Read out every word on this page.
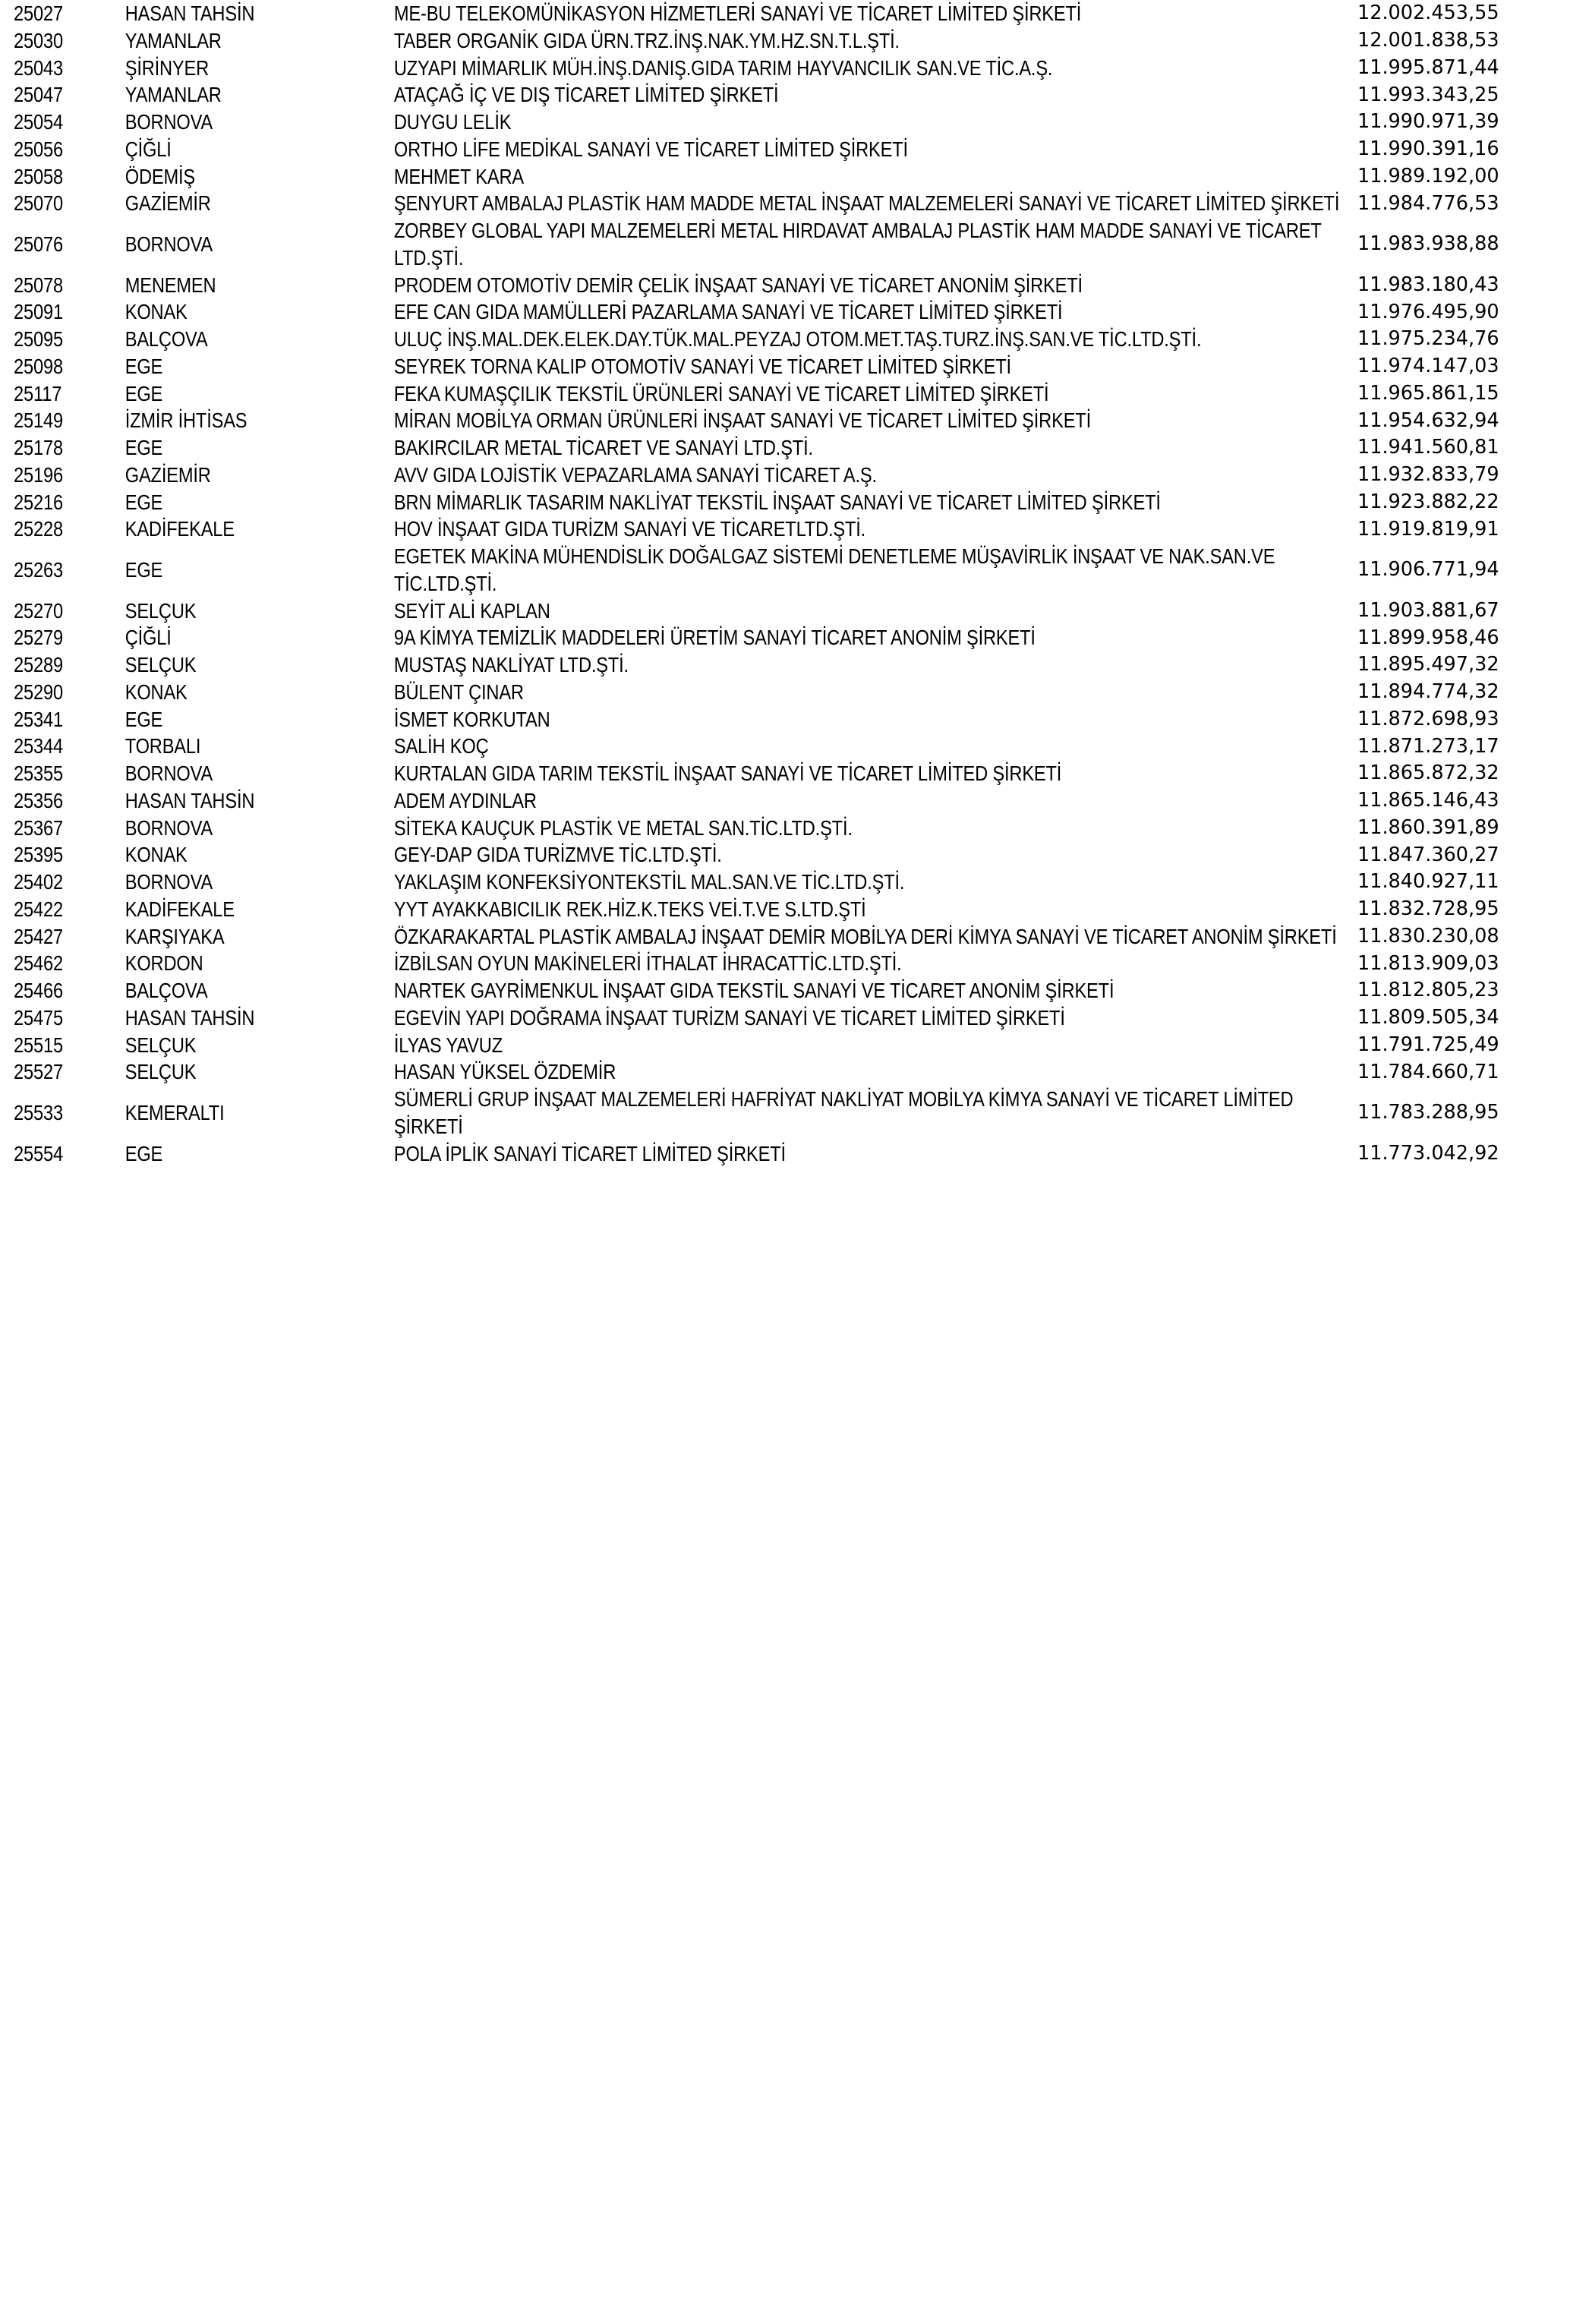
25027	HASAN TAHSİN	ME-BU TELEKOMÜNİKASYON HİZMETLERİ SANAYİ VE TİCARET LİMİTED ŞİRKETİ	12.002.453,55

25030	YAMANLAR	TABER ORGANİK GIDA ÜRN.TRZ.İNŞ.NAK.YM.HZ.SN.T.L.ŞTİ.	12.001.838,53

25043	ŞİRİNYER	UZYAPI MİMARLIK MÜH.İNŞ.DANIŞ.GIDA TARIM HAYVANCILIK SAN.VE TİC.A.Ş.	11.995.871,44

25047	YAMANLAR	ATAÇAĞ İÇ VE DIŞ TİCARET LİMİTED ŞİRKETİ	11.993.343,25

25054	BORNOVA	DUYGU LELİK	11.990.971,39

25056	ÇİĞLİ	ORTHO LİFE MEDİKAL SANAYİ VE TİCARET LİMİTED ŞİRKETİ	11.990.391,16

25058	ÖDEMİŞ	MEHMET KARA	11.989.192,00

25070	GAZİEMİR	ŞENYURT AMBALAJ PLASTİK HAM MADDE METAL İNŞAAT MALZEMELERİ SANAYİ VE TİCARET LİMİTED ŞİRKETİ	11.984.776,53

25076	BORNOVA	ZORBEY GLOBAL YAPI MALZEMELERİ METAL HIRDAVAT AMBALAJ PLASTİK HAM MADDE SANAYİ VE TİCARET LTD.ŞTİ.	11.983.938,88

25078	MENEMEN	PRODEM OTOMOTİV DEMİR ÇELİK İNŞAAT SANAYİ VE TİCARET ANONİM ŞİRKETİ	11.983.180,43

25091	KONAK	EFE CAN GIDA MAMÜLLERİ PAZARLAMA SANAYİ VE TİCARET LİMİTED ŞİRKETİ	11.976.495,90

25095	BALÇOVA	ULUÇ İNŞ.MAL.DEK.ELEK.DAY.TÜK.MAL.PEYZAJ OTOM.MET.TAŞ.TURZ.İNŞ.SAN.VE TİC.LTD.ŞTİ.	11.975.234,76

25098	EGE	SEYREK TORNA KALIP OTOMOTİV SANAYİ VE TİCARET LİMİTED ŞİRKETİ	11.974.147,03

25117	EGE	FEKA KUMAŞÇILIK TEKSTİL ÜRÜNLERİ SANAYİ VE TİCARET LİMİTED ŞİRKETİ	11.965.861,15

25149	İZMİR İHTİSAS	MİRAN MOBİLYA ORMAN ÜRÜNLERİ İNŞAAT SANAYİ VE TİCARET LİMİTED ŞİRKETİ	11.954.632,94

25178	EGE	BAKIRCILAR METAL TİCARET VE SANAYİ LTD.ŞTİ.	11.941.560,81

25196	GAZİEMİR	AVV GIDA LOJİSTİK VEPAZARLAMA SANAYİ TİCARET A.Ş.	11.932.833,79

25216	EGE	BRN MİMARLIK TASARIM NAKLİYAT TEKSTİL İNŞAAT SANAYİ VE TİCARET LİMİTED ŞİRKETİ	11.923.882,22

25228	KADİFEKALE	HOV İNŞAAT GIDA TURİZM SANAYİ VE TİCARETLTD.ŞTİ.	11.919.819,91

25263	EGE	EGETEK MAKİNA MÜHENDİSLİK DOĞALGAZ SİSTEMİ DENETLEME MÜŞAVİRLİK İNŞAAT VE NAK.SAN.VE TİC.LTD.ŞTİ.	11.906.771,94

25270	SELÇUK	SEYİT ALİ KAPLAN	11.903.881,67

25279	ÇİĞLİ	9A KİMYA TEMİZLİK MADDELERİ ÜRETİM SANAYİ TİCARET ANONİM ŞİRKETİ	11.899.958,46

25289	SELÇUK	MUSTAŞ NAKLİYAT LTD.ŞTİ.	11.895.497,32

25290	KONAK	BÜLENT ÇINAR	11.894.774,32

25341	EGE	İSMET KORKUTAN	11.872.698,93

25344	TORBALI	SALİH KOÇ	11.871.273,17

25355	BORNOVA	KURTALAN GIDA TARIM TEKSTİL İNŞAAT SANAYİ VE TİCARET LİMİTED ŞİRKETİ	11.865.872,32

25356	HASAN TAHSİN	ADEM AYDINLAR	11.865.146,43

25367	BORNOVA	SİTEKA KAUÇUK PLASTİK VE METAL SAN.TİC.LTD.ŞTİ.	11.860.391,89

25395	KONAK	GEY-DAP GIDA TURİZMVE TİC.LTD.ŞTİ.	11.847.360,27

25402	BORNOVA	YAKLAŞIM KONFEKSİYONTEKSTİL MAL.SAN.VE TİC.LTD.ŞTİ.	11.840.927,11

25422	KADİFEKALE	YYT AYAKKABICILIK REK.HİZ.K.TEKS VEİ.T.VE S.LTD.ŞTİ	11.832.728,95

25427	KARŞIYAKA	ÖZKARAKARTAL PLASTİK AMBALAJ İNŞAAT DEMİR MOBİLYA DERİ KİMYA SANAYİ VE TİCARET ANONİM ŞİRKETİ	11.830.230,08

25462	KORDON	İZBİLSAN OYUN MAKİNELERİ İTHALAT İHRACATTİC.LTD.ŞTİ.	11.813.909,03

25466	BALÇOVA	NARTEK GAYRİMENKUL İNŞAAT GIDA TEKSTİL SANAYİ VE TİCARET ANONİM ŞİRKETİ	11.812.805,23

25475	HASAN TAHSİN	EGEVİN YAPI DOĞRAMA İNŞAAT TURİZM SANAYİ VE TİCARET LİMİTED ŞİRKETİ	11.809.505,34

25515	SELÇUK	İLYAS YAVUZ	11.791.725,49

25527	SELÇUK	HASAN YÜKSEL ÖZDEMİR	11.784.660,71

25533	KEMERALTI	SÜMERLİ GRUP İNŞAAT MALZEMELERİ HAFRİYAT NAKLİYAT MOBİLYA KİMYA SANAYİ VE TİCARET LİMİTED ŞİRKETİ	11.783.288,95

25554	EGE	POLA İPLİK SANAYİ TİCARET LİMİTED ŞİRKETİ	11.773.042,92
